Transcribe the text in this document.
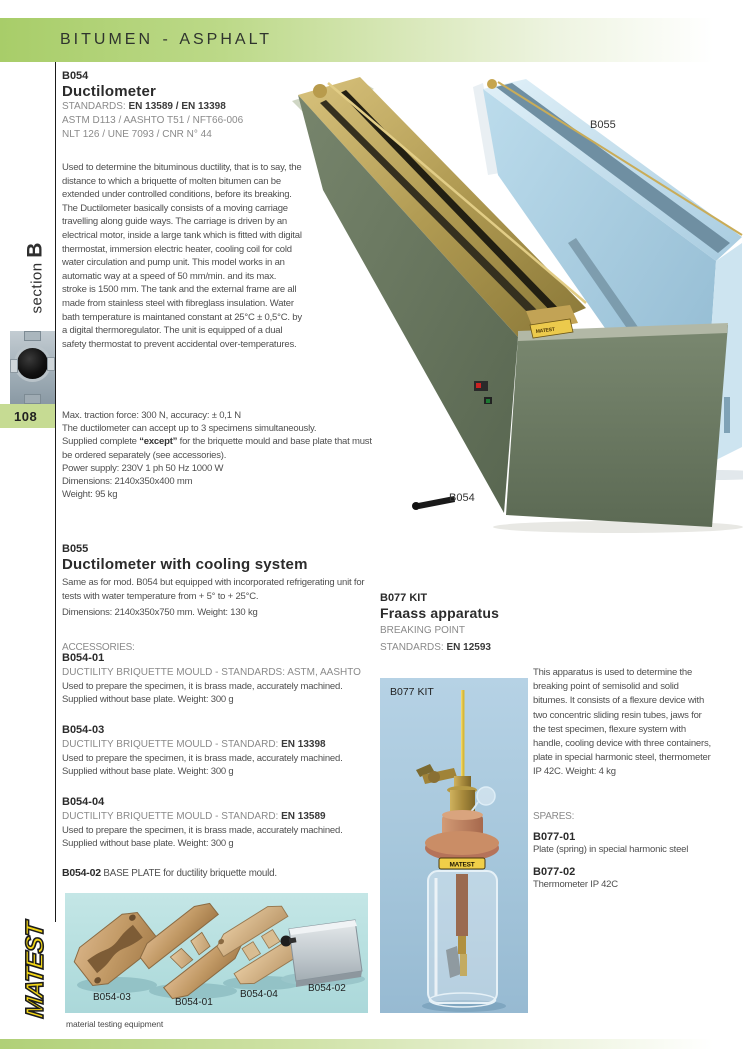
BITUMEN - ASPHALT
section B
108
MATEST
material testing equipment
B054
Ductilometer
STANDARDS: EN 13589 / EN 13398
ASTM D113 / AASHTO T51 / NFT66-006
NLT 126 / UNE 7093 / CNR N° 44
Used to determine the bituminous ductility, that is to say, the distance to which a briquette of molten bitumen can be extended under controlled conditions, before its breaking. The Ductilometer basically consists of a moving carriage travelling along guide ways. The carriage is driven by an electrical motor, inside a large tank which is fitted with digital thermostat, immersion electric heater, cooling coil for cold water circulation and pump unit. This model works in an automatic way at a speed of 50 mm/min. and its max. stroke is 1500 mm. The tank and the external frame are all made from stainless steel with fibreglass insulation. Water bath temperature is maintaned constant at 25°C ± 0,5°C. by a digital thermoregulator. The unit is equipped of a dual safety thermostat to prevent accidental over-temperatures.
Max. traction force: 300 N, accuracy: ± 0,1 N
The ductilometer can accept up to 3 specimens simultaneously.
Supplied complete “except” for the briquette mould and base plate that must be ordered separately (see accessories).
Power supply: 230V 1 ph 50 Hz 1000 W
Dimensions: 2140x350x400 mm
Weight: 95 kg
B055
Ductilometer with cooling system
Same as for mod. B054 but equipped with incorporated refrigerating unit for tests with water temperature from + 5° to + 25°C.
Dimensions: 2140x350x750 mm. Weight: 130 kg
ACCESSORIES:
B054-01
DUCTILITY BRIQUETTE MOULD - STANDARDS: ASTM, AASHTO
Used to prepare the specimen, it is brass made, accurately machined. Supplied without base plate. Weight: 300 g
B054-03
DUCTILITY BRIQUETTE MOULD - STANDARD: EN 13398
Used to prepare the specimen, it is brass made, accurately machined. Supplied without base plate. Weight: 300 g
B054-04
DUCTILITY BRIQUETTE MOULD - STANDARD: EN 13589
Used to prepare the specimen, it is brass made, accurately machined. Supplied without base plate. Weight: 300 g
B054-02 BASE PLATE for ductility briquette mould.
B054-03	B054-01
B054-04
B054-02
MATEST
B055
B054
B077 KIT
Fraass apparatus
BREAKING POINT
STANDARDS: EN 12593
B077 KIT
MATEST
This apparatus is used to determine the breaking point of semisolid and solid bitumes. It consists of a flexure device with two concentric sliding resin tubes, jaws for the test specimen, flexure system with handle, cooling device with three containers, plate in special harmonic steel, thermometer IP 42C. Weight: 4 kg
SPARES:
B077-01
Plate (spring) in special harmonic steel
B077-02
Thermometer IP 42C
